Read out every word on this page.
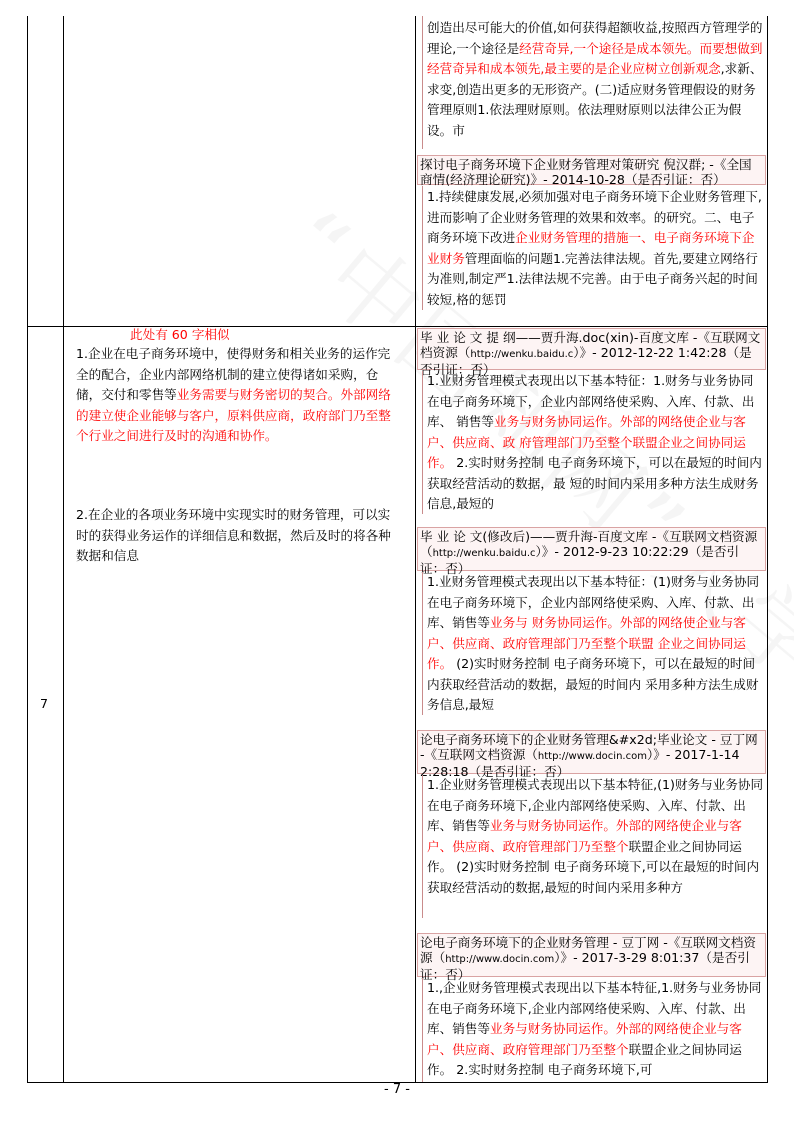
创造出尽可能大的价值,如何获得超额收益,按照西方管理学的理论,一个途径是经营奇异,一个途径是成本领先。而要想做到经营奇异和成本领先,最主要的是企业应树立创新观念,求新、求变,创造出更多的无形资产。(二)适应财务管理假设的财务管理原则1.依法理财原则。依法理财原则以法律公正为假设。市

探讨电子商务环境下企业财务管理对策研究 倪汉群; -《全国商情(经济理论研究)》- 2014-10-28（是否引证：否）

1.持续健康发展,必须加强对电子商务环境下企业财务管理下,进而影响了企业财务管理的效果和效率。的研究。二、电子商务环境下改进企业财务管理的措施一、电子商务环境下企业财务管理面临的问题1.完善法律法规。首先,要建立网络行为准则,制定严1.法律法规不完善。由于电子商务兴起的时间较短,格的惩罚

7
此处有 60 字相似

1.企业在电子商务环境中，使得财务和相关业务的运作完全的配合，企业内部网络机制的建立使得诸如采购，仓储，交付和零售等业务需要与财务密切的契合。外部网络的建立使企业能够与客户，原料供应商，政府部门乃至整个行业之间进行及时的沟通和协作。

2.在企业的各项业务环境中实现实时的财务管理，可以实时的获得业务运作的详细信息和数据，然后及时的将各种数据和信息

毕 业 论 文 提 纲——贾升海.doc(xin)-百度文库 -《互联网文档资源（http://wenku.baidu.c）》- 2012-12-22 1:42:28（是否引证：否）

1.业财务管理模式表现出以下基本特征：1.财务与业务协同 在电子商务环境下，企业内部网络使采购、入库、付款、出库、 销售等业务与财务协同运作。外部的网络使企业与客户、供应商、政 府管理部门乃至整个联盟企业之间协同运作。 2.实时财务控制 电子商务环境下，可以在最短的时间内获取经营活动的数据，最 短的时间内采用多种方法生成财务信息,最短的

毕 业 论 文(修改后)——贾升海-百度文库 -《互联网文档资源（http://wenku.baidu.c）》- 2012-9-23 10:22:29（是否引证：否）

1.业财务管理模式表现出以下基本特征：(1)财务与业务协同 在电子商务环境下，企业内部网络使采购、入库、付款、出库、销售等业务与 财务协同运作。外部的网络使企业与客户、供应商、政府管理部门乃至整个联盟 企业之间协同运作。 (2)实时财务控制 电子商务环境下，可以在最短的时间内获取经营活动的数据，最短的时间内 采用多种方法生成财务信息,最短

论电子商务环境下的企业财务管理&#x2d;毕业论文 - 豆丁网 -《互联网文档资源（http://www.docin.com）》- 2017-1-14 2:28:18（是否引证：否）

1.企业财务管理模式表现出以下基本特征,(1)财务与业务协同 在电子商务环境下,企业内部网络使采购、入库、付款、出库、销售等业务与财务协同运作。外部的网络使企业与客户、供应商、政府管理部门乃至整个联盟企业之间协同运作。 (2)实时财务控制 电子商务环境下,可以在最短的时间内获取经营活动的数据,最短的时间内采用多种方

论电子商务环境下的企业财务管理 - 豆丁网 -《互联网文档资源（http://www.docin.com）》- 2017-3-29 8:01:37（是否引证：否）

1.,企业财务管理模式表现出以下基本特征,1.财务与业务协同 在电子商务环境下,企业内部网络使采购、入库、付款、出库、销售等业务与财务协同运作。外部的网络使企业与客户、供应商、政府管理部门乃至整个联盟企业之间协同运作。 2.实时财务控制 电子商务环境下,可

- 7 -
